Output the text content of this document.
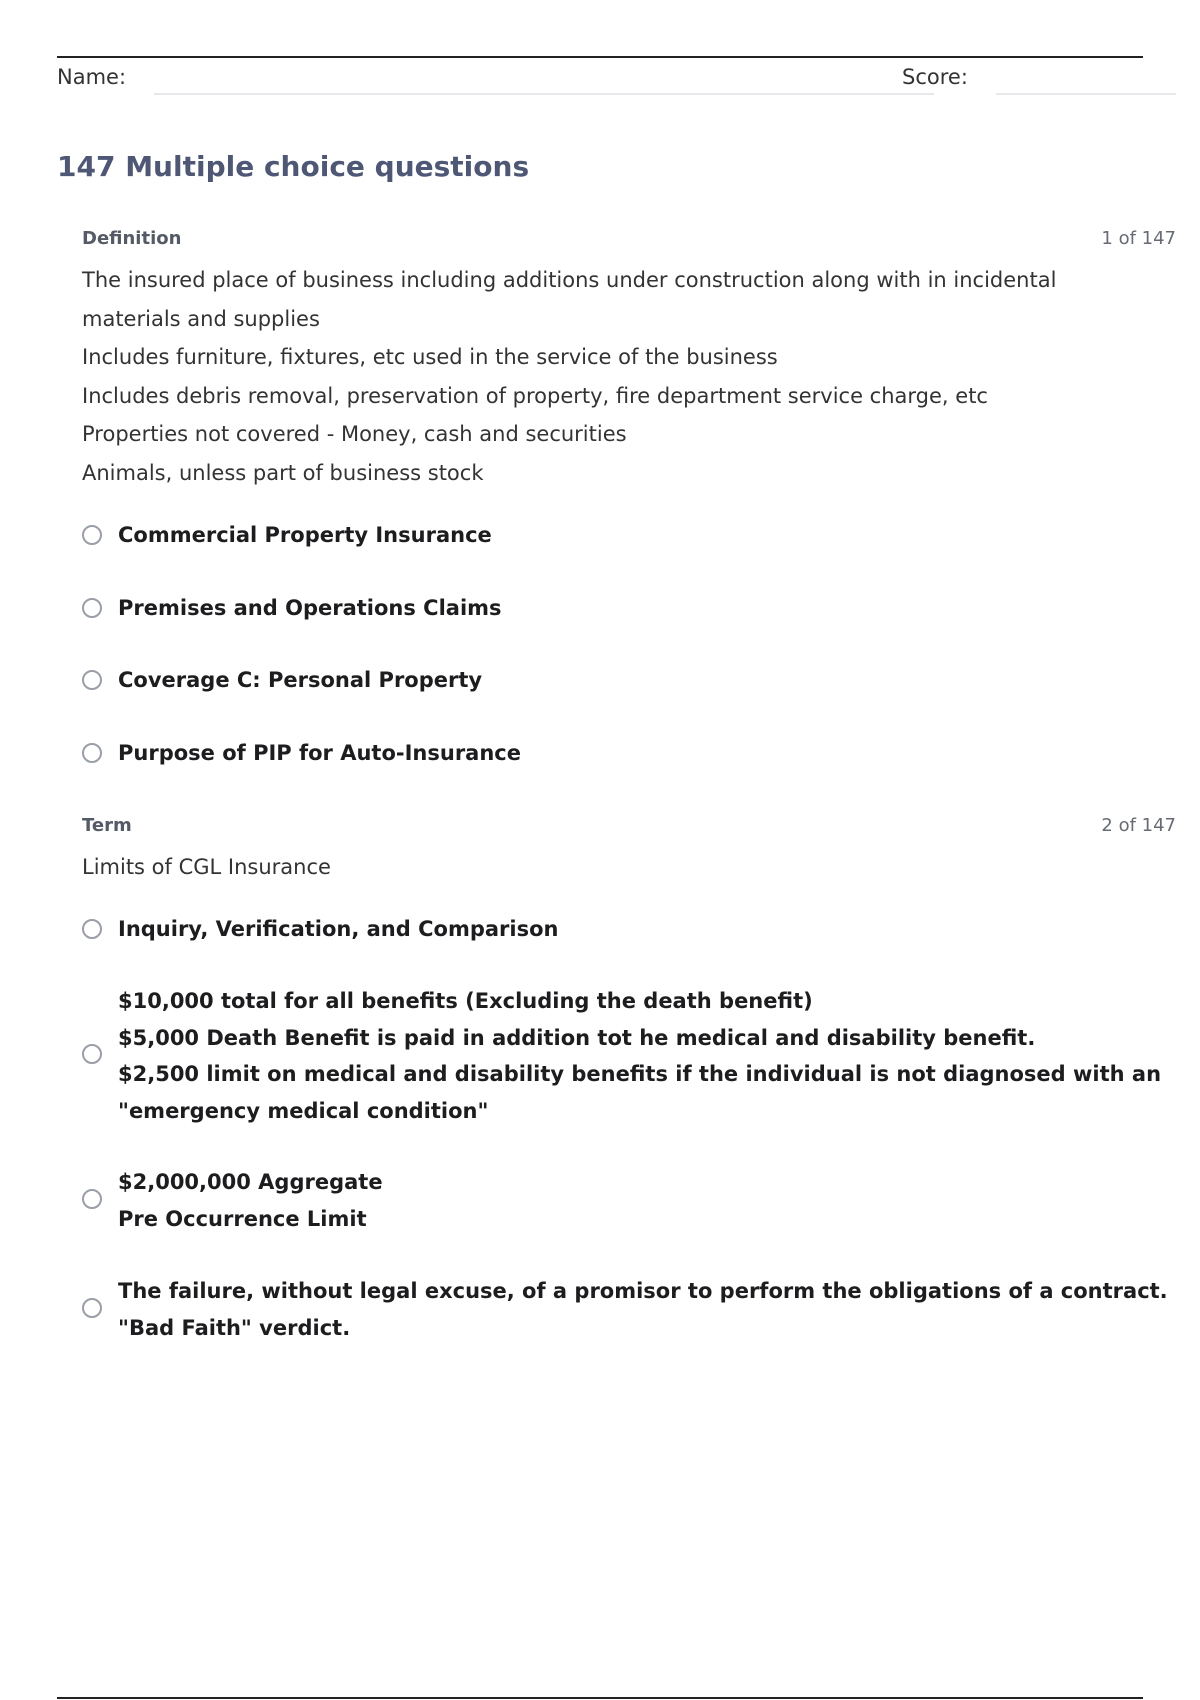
Name:	Score:
147 Multiple choice questions
Definition	1 of 147
The insured place of business including additions under construction along with in incidental
materials and supplies
Includes furniture, fixtures, etc used in the service of the business
Includes debris removal, preservation of property, fire department service charge, etc
Properties not covered - Money, cash and securities
Animals, unless part of business stock
Commercial Property Insurance
Premises and Operations Claims
Coverage C: Personal Property
Purpose of PIP for Auto-Insurance
Term	2 of 147
Limits of CGL Insurance
Inquiry, Verification, and Comparison
$10,000 total for all benefits (Excluding the death benefit)
$5,000 Death Benefit is paid in addition tot he medical and disability benefit.
$2,500 limit on medical and disability benefits if the individual is not diagnosed with an
"emergency medical condition"
$2,000,000 Aggregate
Pre Occurrence Limit
The failure, without legal excuse, of a promisor to perform the obligations of a contract.
"Bad Faith" verdict.
